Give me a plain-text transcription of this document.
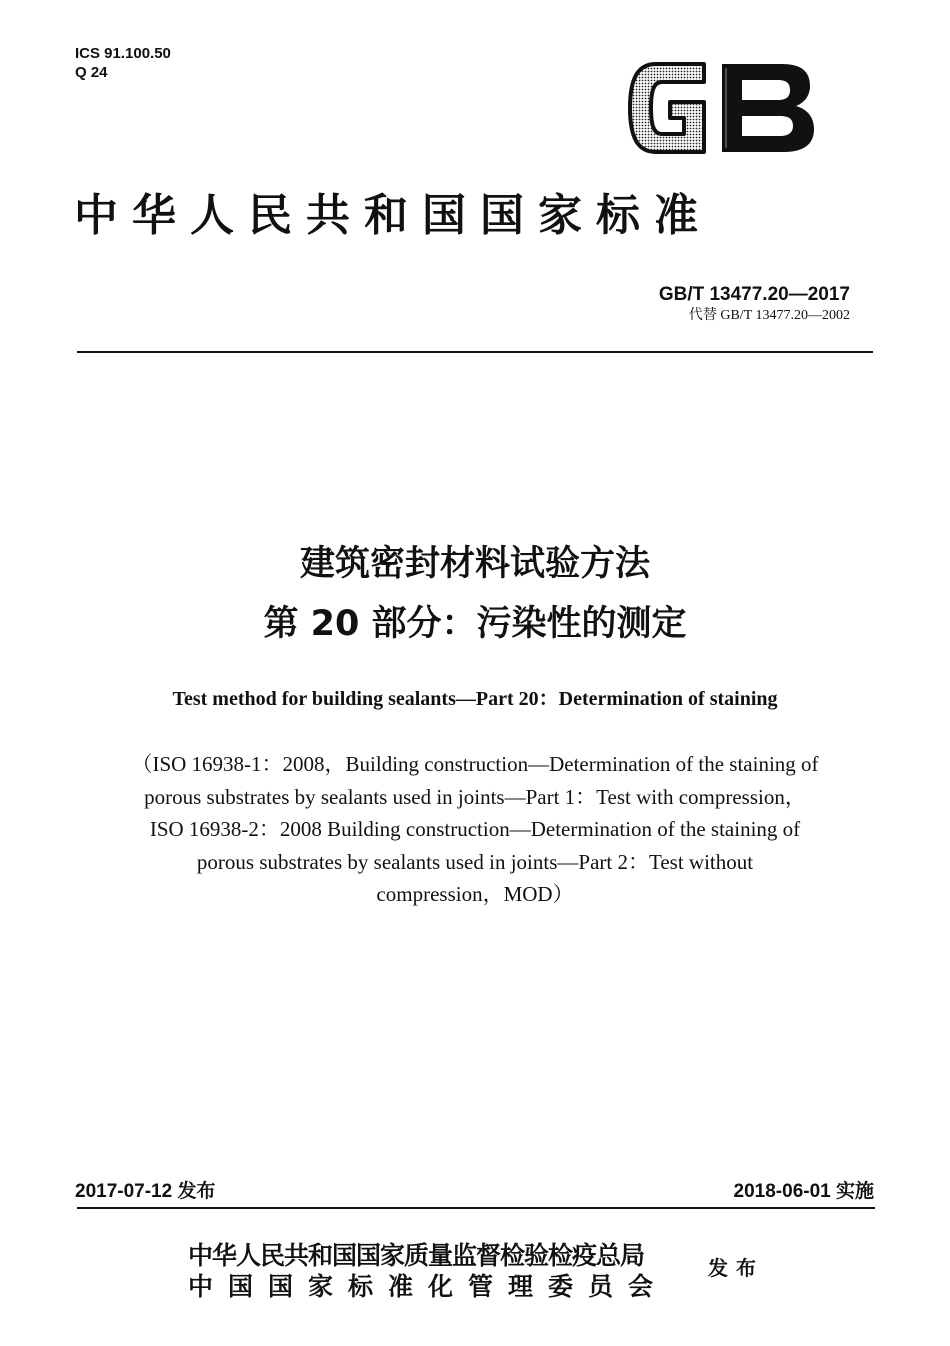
ICS 91.100.50
Q 24
中华人民共和国国家标准
GB/T 13477.20—2017
代替 GB/T 13477.20—2002
建筑密封材料试验方法
第 20 部分：污染性的测定
Test method for building sealants—Part 20：Determination of staining
（ISO 16938-1：2008，Building construction—Determination of the staining of
porous substrates by sealants used in joints—Part 1：Test with compression，
ISO 16938-2：2008 Building construction—Determination of the staining of
porous substrates by sealants used in joints—Part 2：Test without
compression，MOD）
2017-07-12 发布	2018-06-01 实施
中华人民共和国国家质量监督检验检疫总局
中国国家标准化管理委员会
发布
